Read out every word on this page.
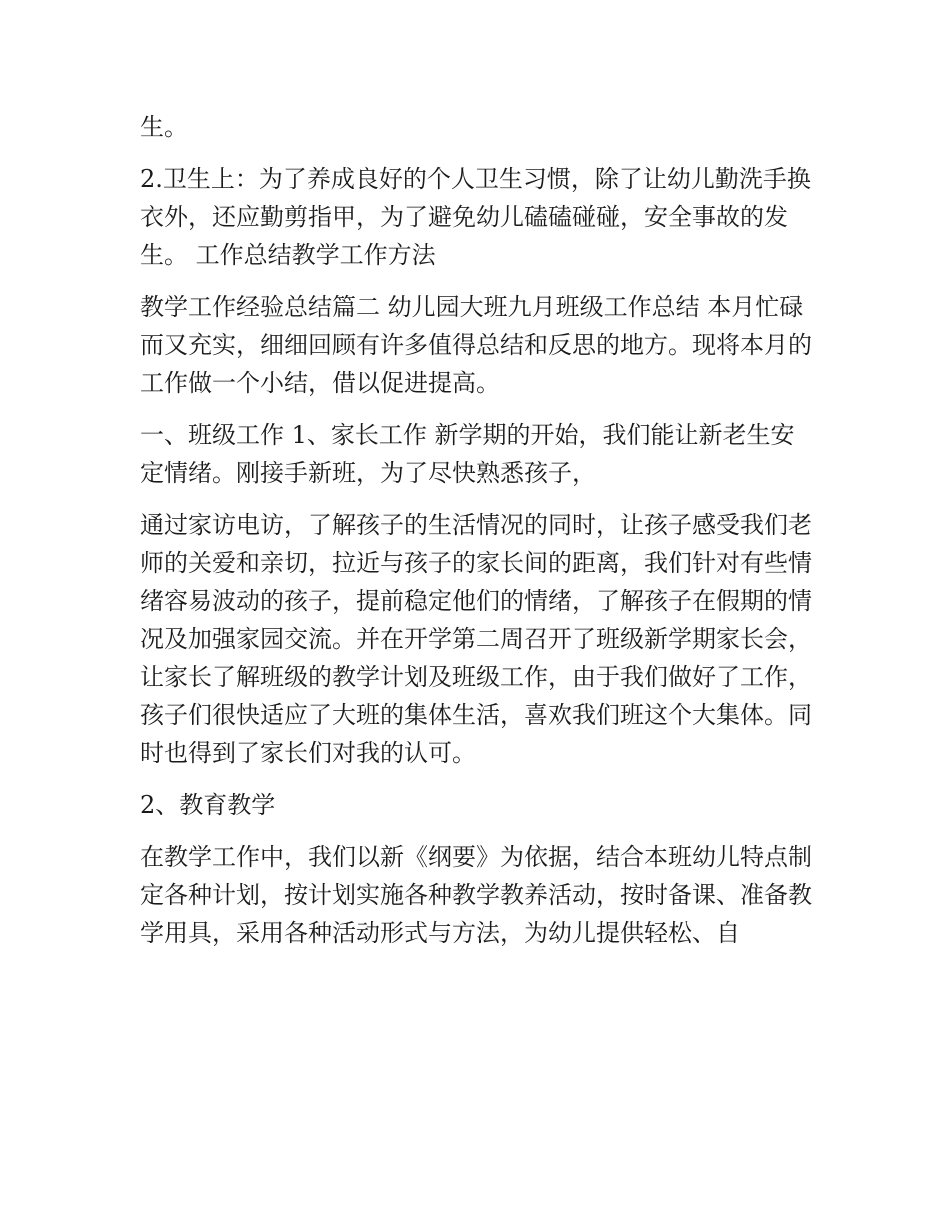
生。

2.卫生上：为了养成良好的个人卫生习惯，除了让幼儿勤洗手换衣外，还应勤剪指甲，为了避免幼儿磕磕碰碰，安全事故的发生。 工作总结教学工作方法

教学工作经验总结篇二 幼儿园大班九月班级工作总结 本月忙碌而又充实，细细回顾有许多值得总结和反思的地方。现将本月的工作做一个小结，借以促进提高。

一、班级工作 1、家长工作 新学期的开始，我们能让新老生安定情绪。刚接手新班，为了尽快熟悉孩子，

通过家访电访，了解孩子的生活情况的同时，让孩子感受我们老师的关爱和亲切，拉近与孩子的家长间的距离，我们针对有些情绪容易波动的孩子，提前稳定他们的情绪，了解孩子在假期的情况及加强家园交流。并在开学第二周召开了班级新学期家长会，让家长了解班级的教学计划及班级工作，由于我们做好了工作，孩子们很快适应了大班的集体生活，喜欢我们班这个大集体。同时也得到了家长们对我的认可。

2、教育教学

在教学工作中，我们以新《纲要》为依据，结合本班幼儿特点制定各种计划，按计划实施各种教学教养活动，按时备课、准备教学用具，采用各种活动形式与方法，为幼儿提供轻松、自
